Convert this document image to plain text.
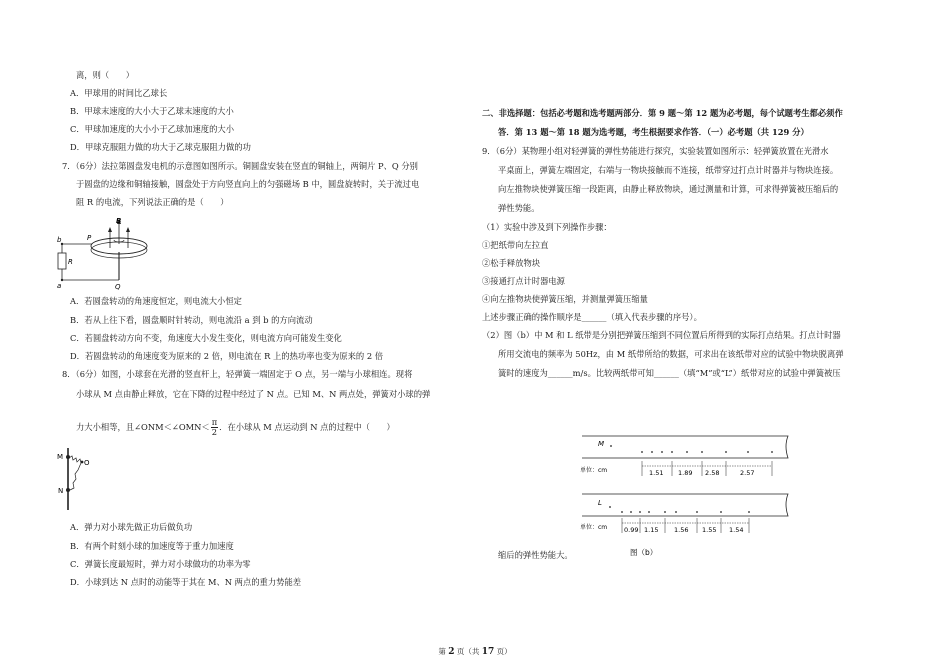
离，则（　　）
A．甲球用的时间比乙球长
B．甲球末速度的大小大于乙球末速度的大小
C．甲球加速度的大小小于乙球加速度的大小
D．甲球克服阻力做的功大于乙球克服阻力做的功
7．（6分）法拉第圆盘发电机的示意图如图所示。铜圆盘安装在竖直的铜轴上，两铜片 P、Q 分别
于圆盘的边缘和铜轴接触，圆盘处于方向竖直向上的匀强磁场 B 中，圆盘旋转时，关于流过电
阻 R 的电流，下列说法正确的是（　　）
b
a
R
P
B
Q
A．若圆盘转动的角速度恒定，则电流大小恒定
B．若从上往下看，圆盘顺时针转动，则电流沿 a 到 b 的方向流动
C．若圆盘转动方向不变，角速度大小发生变化，则电流方向可能发生变化
D．若圆盘转动的角速度变为原来的 2 倍，则电流在 R 上的热功率也变为原来的 2 倍
8．（6分）如图，小球套在光滑的竖直杆上，轻弹簧一端固定于 O 点，另一端与小球相连。现将
小球从 M 点由静止释放，它在下降的过程中经过了 N 点。已知 M、N 两点处，弹簧对小球的弹
力大小相等，且∠ONM＜∠OMN＜ $\frac{\pi}{2}$ ．在小球从 M 点运动到 N 点的过程中（　　）
M
O
N
A．弹力对小球先做正功后做负功
B．有两个时刻小球的加速度等于重力加速度
C．弹簧长度最短时，弹力对小球做功的功率为零
D．小球到达 N 点时的动能等于其在 M、N 两点的重力势能差
二、非选择题：包括必考题和选考题两部分．第 9 题～第 12 题为必考题，每个试题考生都必须作
答．第 13 题～第 18 题为选考题，考生根据要求作答．（一）必考题（共 129 分）
9．（6分）某物理小组对轻弹簧的弹性势能进行探究，实验装置如图所示：轻弹簧放置在光滑水
平桌面上，弹簧左端固定，右端与一物块接触而不连接，纸带穿过打点计时器并与物块连接。
向左推物块使弹簧压缩一段距离，由静止释放物块，通过测量和计算，可求得弹簧被压缩后的
弹性势能。
（1）实验中涉及到下列操作步骤：
①把纸带向左拉直
②松手释放物块
③接通打点计时器电源
④向左推物块使弹簧压缩，并测量弹簧压缩量
上述步骤正确的操作顺序是______（填入代表步骤的序号）。
（2）图（b）中 M 和 L 纸带是分别把弹簧压缩到不同位置后所得到的实际打点结果。打点计时器
所用交流电的频率为 50Hz，由 M 纸带所给的数据，可求出在该纸带对应的试验中物块脱离弹
簧时的速度为______m/s。比较两纸带可知______（填“M”或“L”）纸带对应的试验中弹簧被压
M
单位：cm	1.51 1.89 2.58	2.57
L
单位：cm	0.99 1.15 1.56 1.55 1.54
图（b）
缩后的弹性势能大。
第 2 页（共 17 页）
